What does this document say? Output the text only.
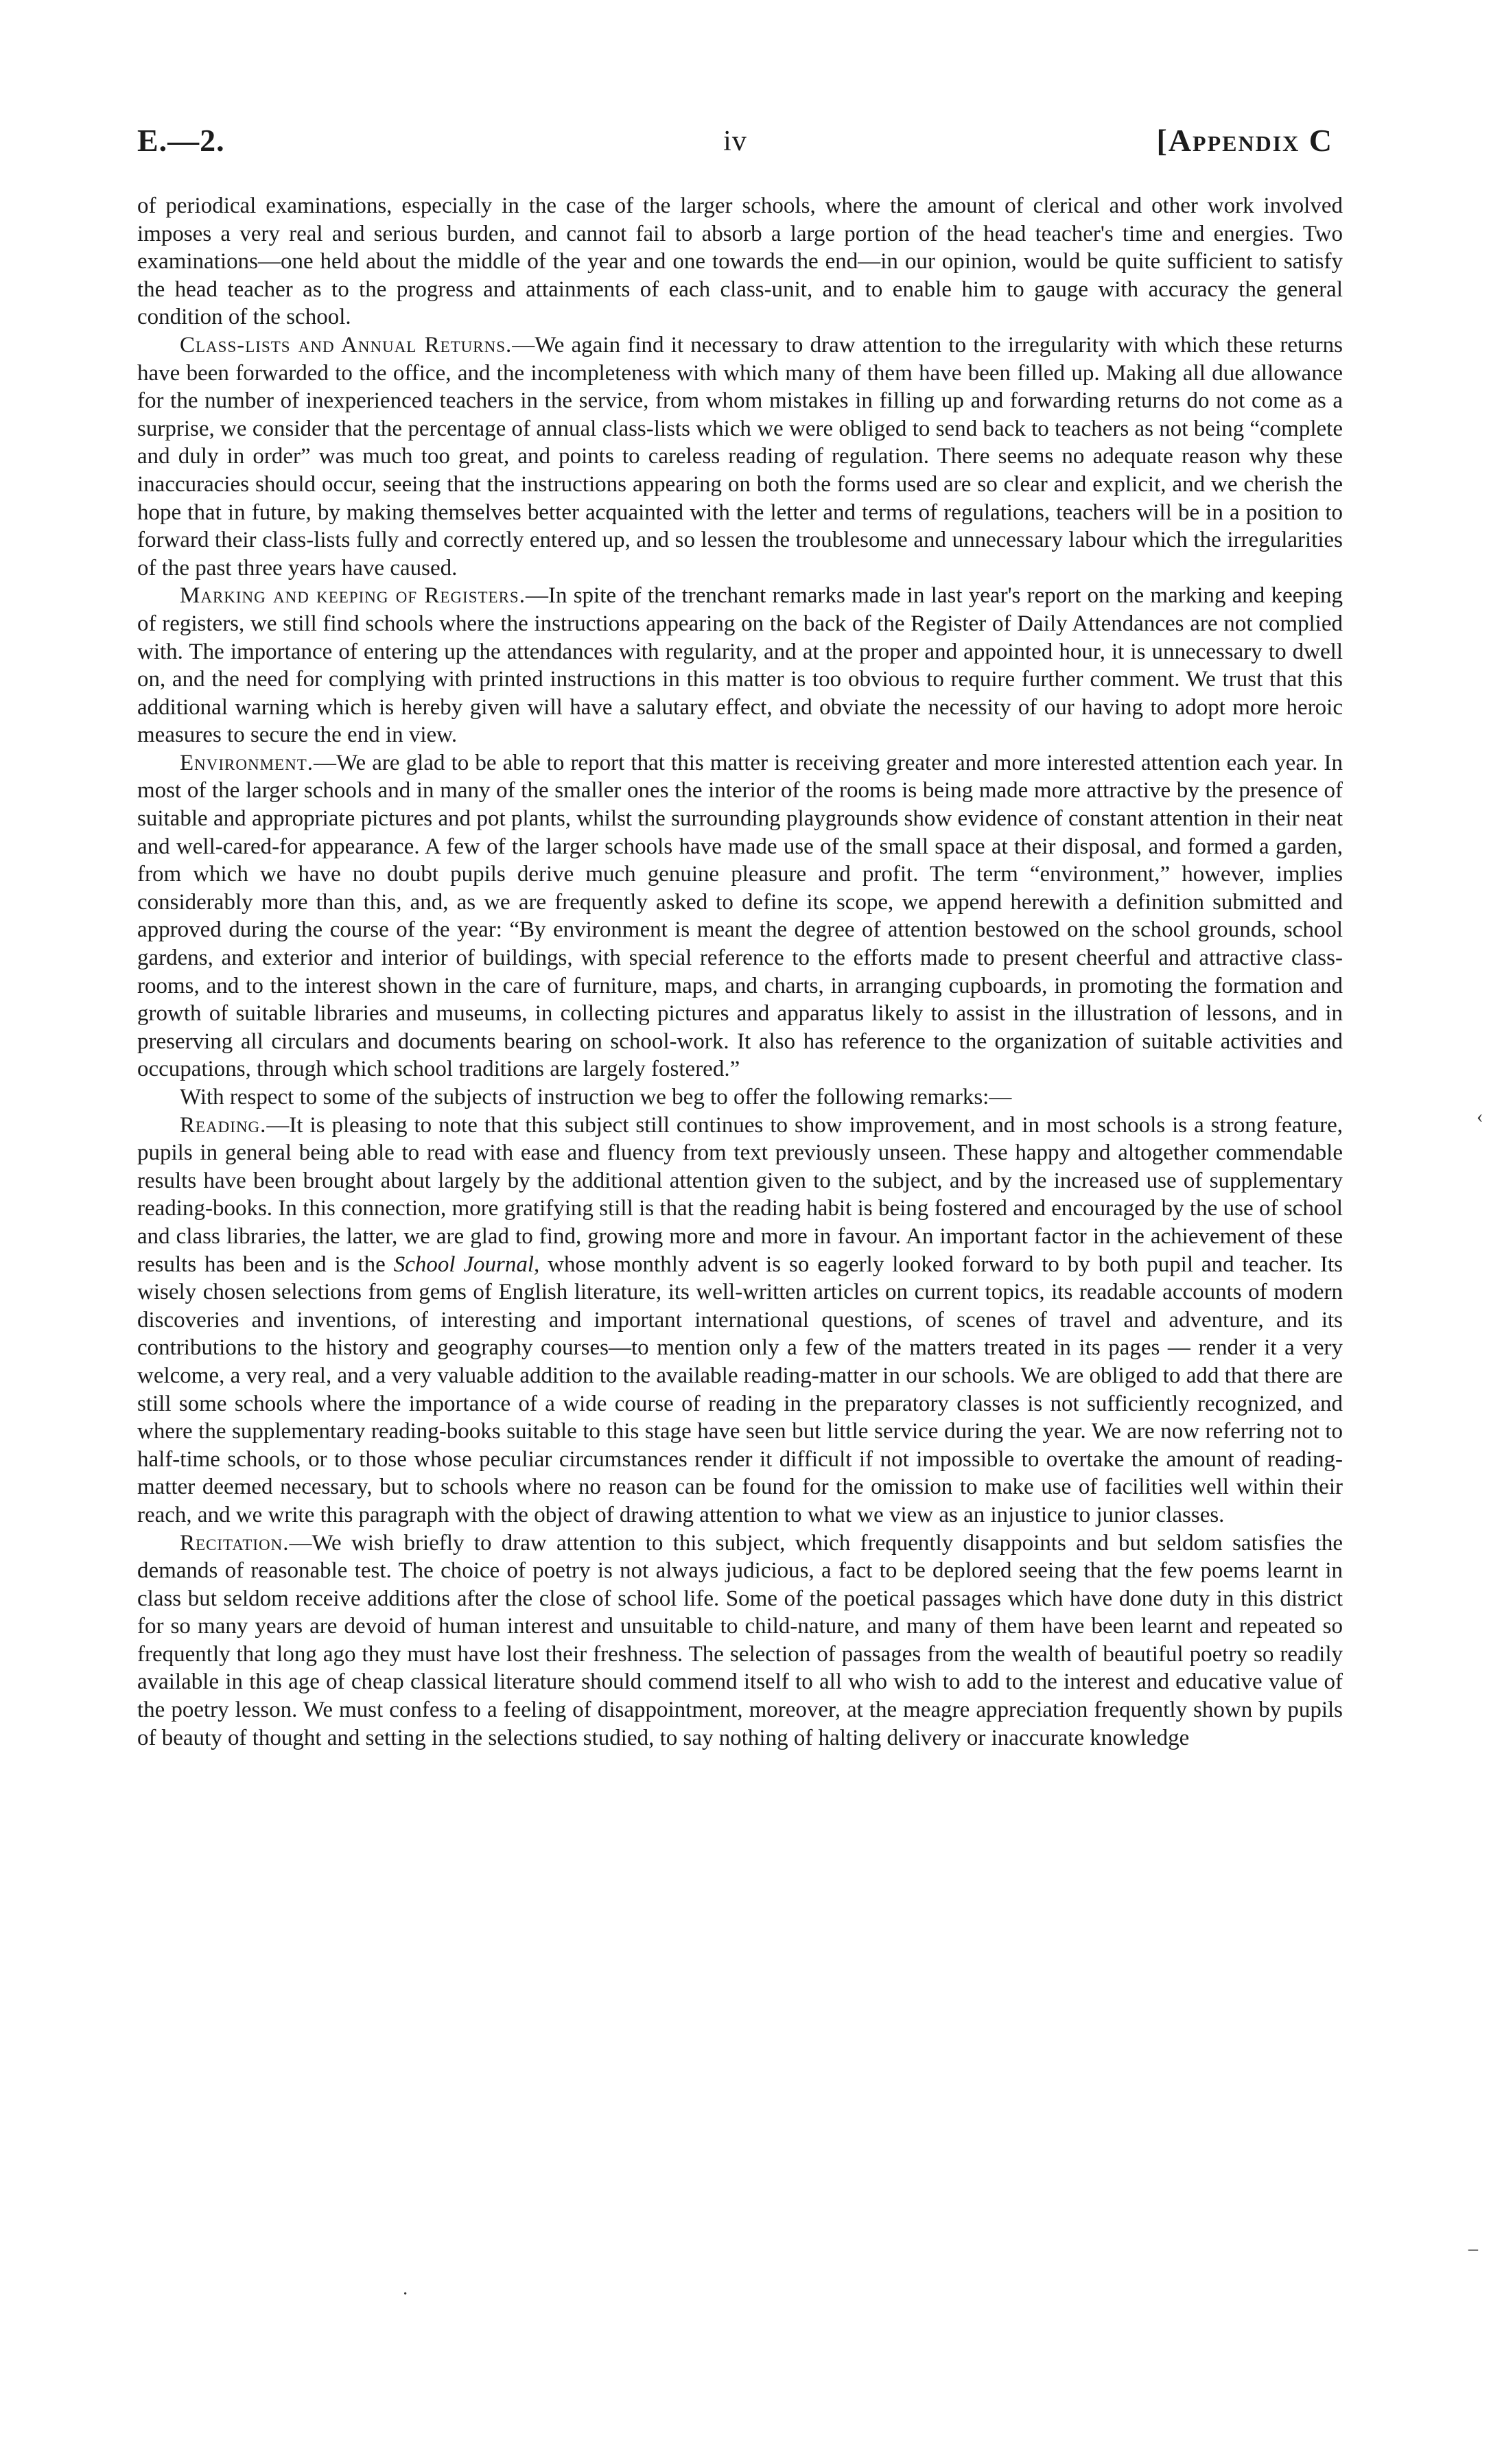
E.—2.	iv	[Appendix C

of periodical examinations, especially in the case of the larger schools, where the amount of clerical and other work involved imposes a very real and serious burden, and cannot fail to absorb a large portion of the head teacher's time and energies. Two examinations—one held about the middle of the year and one towards the end—in our opinion, would be quite sufficient to satisfy the head teacher as to the progress and attainments of each class-unit, and to enable him to gauge with accuracy the general condition of the school.

Class-lists and Annual Returns.—We again find it necessary to draw attention to the irregularity with which these returns have been forwarded to the office, and the incompleteness with which many of them have been filled up. Making all due allowance for the number of inexperienced teachers in the service, from whom mistakes in filling up and forwarding returns do not come as a surprise, we consider that the percentage of annual class-lists which we were obliged to send back to teachers as not being “complete and duly in order” was much too great, and points to careless reading of regulation. There seems no adequate reason why these inaccuracies should occur, seeing that the instructions appearing on both the forms used are so clear and explicit, and we cherish the hope that in future, by making themselves better acquainted with the letter and terms of regulations, teachers will be in a position to forward their class-lists fully and correctly entered up, and so lessen the troublesome and unnecessary labour which the irregularities of the past three years have caused.

Marking and keeping of Registers.—In spite of the trenchant remarks made in last year's report on the marking and keeping of registers, we still find schools where the instructions appearing on the back of the Register of Daily Attendances are not complied with. The importance of entering up the attendances with regularity, and at the proper and appointed hour, it is unnecessary to dwell on, and the need for complying with printed instructions in this matter is too obvious to require further comment. We trust that this additional warning which is hereby given will have a salutary effect, and obviate the necessity of our having to adopt more heroic measures to secure the end in view.

Environment.—We are glad to be able to report that this matter is receiving greater and more interested attention each year. In most of the larger schools and in many of the smaller ones the interior of the rooms is being made more attractive by the presence of suitable and appropriate pictures and pot plants, whilst the surrounding playgrounds show evidence of constant attention in their neat and well-cared-for appearance. A few of the larger schools have made use of the small space at their disposal, and formed a garden, from which we have no doubt pupils derive much genuine pleasure and profit. The term “environment,” however, implies considerably more than this, and, as we are frequently asked to define its scope, we append herewith a definition submitted and approved during the course of the year: “By environment is meant the degree of attention bestowed on the school grounds, school gardens, and exterior and interior of buildings, with special reference to the efforts made to present cheerful and attractive class-rooms, and to the interest shown in the care of furniture, maps, and charts, in arranging cupboards, in promoting the formation and growth of suitable libraries and museums, in collecting pictures and apparatus likely to assist in the illustration of lessons, and in preserving all circulars and documents bearing on school-work. It also has reference to the organization of suitable activities and occupations, through which school traditions are largely fostered.”

With respect to some of the subjects of instruction we beg to offer the following remarks:—

Reading.—It is pleasing to note that this subject still continues to show improvement, and in most schools is a strong feature, pupils in general being able to read with ease and fluency from text previously unseen. These happy and altogether commendable results have been brought about largely by the additional attention given to the subject, and by the increased use of supplementary reading-books. In this connection, more gratifying still is that the reading habit is being fostered and encouraged by the use of school and class libraries, the latter, we are glad to find, growing more and more in favour. An important factor in the achievement of these results has been and is the School Journal, whose monthly advent is so eagerly looked forward to by both pupil and teacher. Its wisely chosen selections from gems of English literature, its well-written articles on current topics, its readable accounts of modern discoveries and inventions, of interesting and important international questions, of scenes of travel and adventure, and its contributions to the history and geography courses—to mention only a few of the matters treated in its pages — render it a very welcome, a very real, and a very valuable addition to the available reading-matter in our schools. We are obliged to add that there are still some schools where the importance of a wide course of reading in the preparatory classes is not sufficiently recognized, and where the supplementary reading-books suitable to this stage have seen but little service during the year. We are now referring not to half-time schools, or to those whose peculiar circumstances render it difficult if not impossible to overtake the amount of reading-matter deemed necessary, but to schools where no reason can be found for the omission to make use of facilities well within their reach, and we write this paragraph with the object of drawing attention to what we view as an injustice to junior classes.

Recitation.—We wish briefly to draw attention to this subject, which frequently disappoints and but seldom satisfies the demands of reasonable test. The choice of poetry is not always judicious, a fact to be deplored seeing that the few poems learnt in class but seldom receive additions after the close of school life. Some of the poetical passages which have done duty in this district for so many years are devoid of human interest and unsuitable to child-nature, and many of them have been learnt and repeated so frequently that long ago they must have lost their freshness. The selection of passages from the wealth of beautiful poetry so readily available in this age of cheap classical literature should commend itself to all who wish to add to the interest and educative value of the poetry lesson. We must confess to a feeling of disappointment, moreover, at the meagre appreciation frequently shown by pupils of beauty of thought and setting in the selections studied, to say nothing of halting delivery or inaccurate knowledge

‹
–
·
